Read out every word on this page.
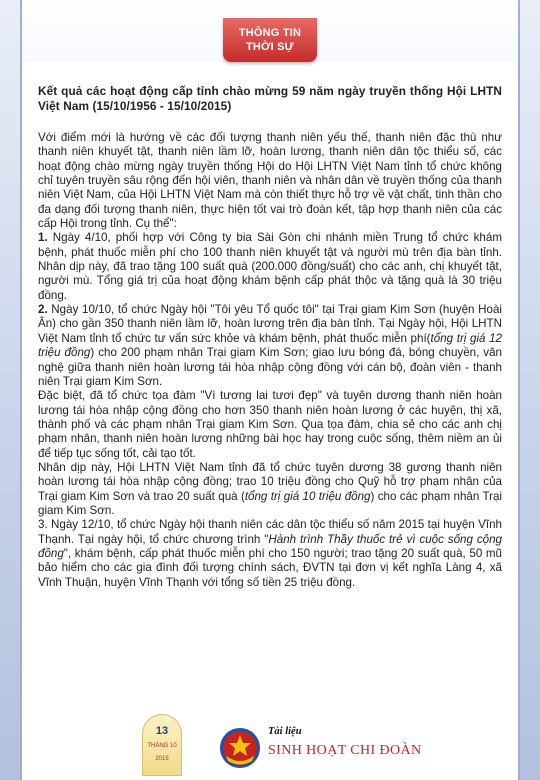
THÔNG TIN
THỜI SỰ

Kết quả các hoạt động cấp tỉnh chào mừng 59 năm ngày truyền thống Hội LHTN Việt Nam (15/10/1956 - 15/10/2015)

Với điểm mới là hướng về các đối tượng thanh niên yếu thế, thanh niên đặc thù như thanh niên khuyết tật, thanh niên lầm lỡ, hoàn lương, thanh niên dân tộc thiểu số, các hoạt động chào mừng ngày truyền thống Hội do Hội LHTN Việt Nam tỉnh tổ chức không chỉ tuyên truyền sâu rộng đến hội viên, thanh niên và nhân dân về truyền thống của thanh niên Việt Nam, của Hội LHTN Việt Nam mà còn thiết thực hỗ trợ về vật chất, tinh thần cho đa dạng đối tượng thanh niên, thực hiện tốt vai trò đoàn kết, tập hợp thanh niên của các cấp Hội trong tỉnh. Cụ thể":

1. Ngày 4/10, phối hợp với Công ty bia Sài Gòn chi nhánh miền Trung tổ chức khám bệnh, phát thuốc miễn phí cho 100 thanh niên khuyết tật và người mù trên địa bàn tỉnh. Nhân dịp này, đã trao tặng 100 suất quà (200.000 đồng/suất) cho các anh, chị khuyết tật, người mù. Tổng giá trị của hoạt động khám bệnh cấp phát thộc và tặng quà là 30 triệu đồng.

2. Ngày 10/10, tổ chức Ngày hội "Tôi yêu Tổ quốc tôi" tại Trại giam Kim Sơn (huyện Hoài Ân) cho gần 350 thanh niên lầm lỡ, hoàn lương trên địa bàn tỉnh. Tại Ngày hội, Hội LHTN Việt Nam tỉnh tổ chức tư vấn sức khỏe và khám bệnh, phát thuốc miễn phí(tổng trị giá 12 triệu đồng) cho 200 phạm nhân Trại giam Kim Sơn; giao lưu bóng đá, bóng chuyền, văn nghệ giữa thanh niên hoàn lương tái hòa nhập cộng đồng với cán bộ, đoàn viên - thanh niên Trại giam Kim Sơn.

Đặc biệt, đã tổ chức tọa đàm "Vì tương lai tươi đẹp" và tuyên dương thanh niên hoàn lương tái hòa nhập cộng đồng cho hơn 350 thanh niên hoàn lương ở các huyện, thị xã, thành phố và các phạm nhân Trại giam Kim Sơn. Qua tọa đàm, chia sẻ cho các anh chị phạm nhân, thanh niên hoàn lương những bài học hay trong cuộc sống, thêm niềm an ủi để tiếp tục sống tốt, cải tạo tốt.

Nhân dịp này, Hội LHTN Việt Nam tỉnh đã tổ chức tuyên dương 38 gương thanh niên hoàn lương tái hòa nhập cộng đồng; trao 10 triệu đồng cho Quỹ hỗ trợ phạm nhân của Trại giam Kim Sơn và trao 20 suất quà (tổng trị giá 10 triệu đồng) cho các phạm nhân Trại giam Kim Sơn.

3. Ngày 12/10, tổ chức Ngày hội thanh niên các dân tộc thiểu số năm 2015 tại huyện Vĩnh Thạnh. Tại ngày hội, tổ chức chương trình "Hành trình Thầy thuốc trẻ vì cuộc sống cộng đồng", khám bệnh, cấp phát thuốc miễn phí cho 150 người; trao tặng 20 suất quà, 50 mũ bảo hiểm cho các gia đình đối tượng chính sách, ĐVTN tại đơn vị kết nghĩa Làng 4, xã Vĩnh Thuận, huyện Vĩnh Thạnh với tổng số tiền 25 triệu đồng.

13
THÁNG 10
2015
Tài liệu
SINH HOẠT CHI ĐOÀN
